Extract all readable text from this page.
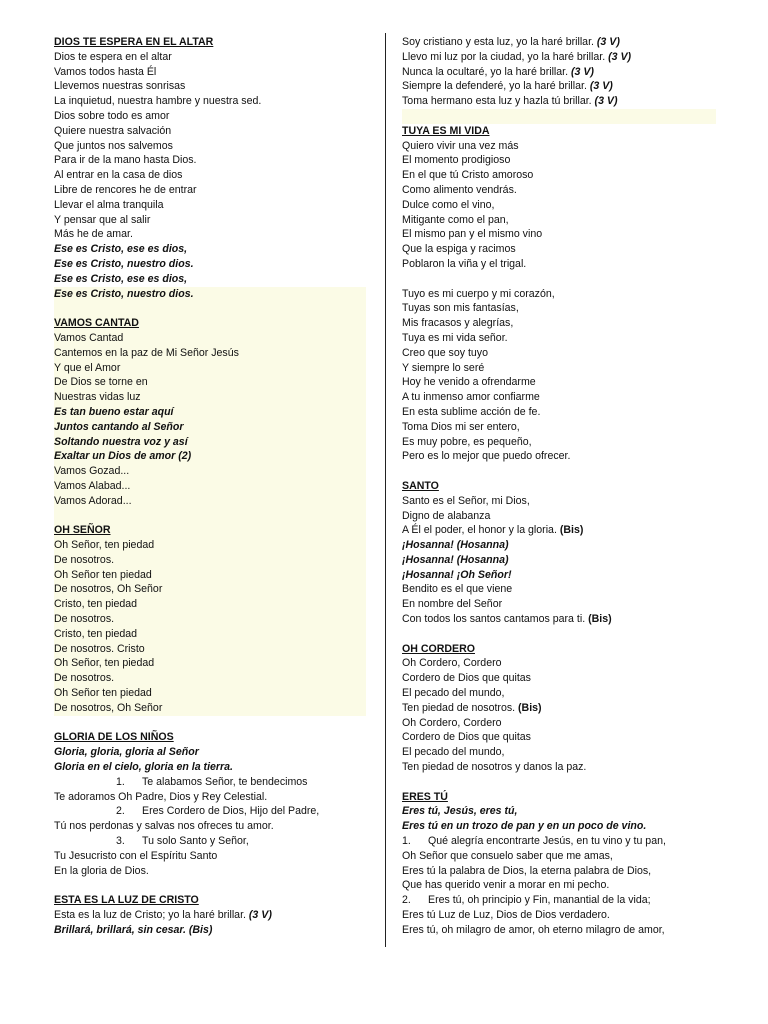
DIOS TE ESPERA EN EL ALTAR
Dios te espera en el altar
Vamos todos hasta Él
Llevemos nuestras sonrisas
La inquietud, nuestra hambre y nuestra sed.
Dios sobre todo es amor
Quiere nuestra salvación
Que juntos nos salvemos
Para ir de la mano hasta Dios.
Al entrar en la casa de dios
Libre de rencores he de entrar
Llevar el alma tranquila
Y pensar que al salir
Más he de amar.
Ese es Cristo, ese es dios,
Ese es Cristo, nuestro dios.
Ese es Cristo, ese es dios,
Ese es Cristo, nuestro dios.
VAMOS CANTAD
Vamos Cantad
Cantemos en la paz de Mi Señor Jesús
Y que el Amor
De Dios se torne en
Nuestras vidas luz
Es tan bueno estar aquí
Juntos cantando al Señor
Soltando nuestra voz y así
Exaltar un Dios de amor (2)
Vamos Gozad...
Vamos Alabad...
Vamos Adorad...
OH SEÑOR
Oh Señor, ten piedad
De nosotros.
Oh Señor ten piedad
De nosotros, Oh Señor
Cristo, ten piedad
De nosotros.
Cristo, ten piedad
De nosotros. Cristo
Oh Señor, ten piedad
De nosotros.
Oh Señor ten piedad
De nosotros, Oh Señor
GLORIA DE LOS NIÑOS
Gloria, gloria, gloria al Señor
Gloria en el cielo, gloria en la tierra.
1. Te alabamos Señor, te bendecimos
Te adoramos Oh Padre, Dios y Rey Celestial.
2. Eres Cordero de Dios, Hijo del Padre,
Tú nos perdonas y salvas nos ofreces tu amor.
3. Tu solo Santo y Señor,
Tu Jesucristo con el Espíritu Santo
En la gloria de Dios.
ESTA ES LA LUZ DE CRISTO
Esta es la luz de Cristo; yo la haré brillar. (3 V)
Brillará, brillará, sin cesar. (Bis)
Soy cristiano y esta luz, yo la haré brillar. (3 V)
Llevo mi luz por la ciudad, yo la haré brillar. (3 V)
Nunca la ocultaré, yo la haré brillar. (3 V)
Siempre la defenderé, yo la haré brillar. (3 V)
Toma hermano esta luz y hazla tú brillar. (3 V)
TUYA ES MI VIDA
Quiero vivir una vez más
El momento prodigioso
En el que tú Cristo amoroso
Como alimento vendrás.
Dulce como el vino,
Mitigante como el pan,
El mismo pan y el mismo vino
Que la espiga y racimos
Poblaron la viña y el trigal.
Tuyo es mi cuerpo y mi corazón,
Tuyas son mis fantasías,
Mis fracasos y alegrías,
Tuya es mi vida señor.
Creo que soy tuyo
Y siempre lo seré
Hoy he venido a ofrendarme
A tu inmenso amor confiarme
En esta sublime acción de fe.
Toma Dios mi ser entero,
Es muy pobre, es pequeño,
Pero es lo mejor que puedo ofrecer.
SANTO
Santo es el Señor, mi Dios,
Digno de alabanza
A Él el poder, el honor y la gloria. (Bis)
¡Hosanna! (Hosanna)
¡Hosanna! (Hosanna)
¡Hosanna! ¡Oh Señor!
Bendito es el que viene
En nombre del Señor
Con todos los santos cantamos para ti. (Bis)
OH CORDERO
Oh Cordero, Cordero
Cordero de Dios que quitas
El pecado del mundo,
Ten piedad de nosotros. (Bis)
Oh Cordero, Cordero
Cordero de Dios que quitas
El pecado del mundo,
Ten piedad de nosotros y danos la paz.
ERES TÚ
Eres tú, Jesús, eres tú,
Eres tú en un trozo de pan y en un poco de vino.
1. Qué alegría encontrarte Jesús, en tu vino y tu pan,
Oh Señor que consuelo saber que me amas,
Eres tú la palabra de Dios, la eterna palabra de Dios,
Que has querido venir a morar en mi pecho.
2. Eres tú, oh principio y Fin, manantial de la vida;
Eres tú Luz de Luz, Dios de Dios verdadero.
Eres tú, oh milagro de amor, oh eterno milagro de amor,
